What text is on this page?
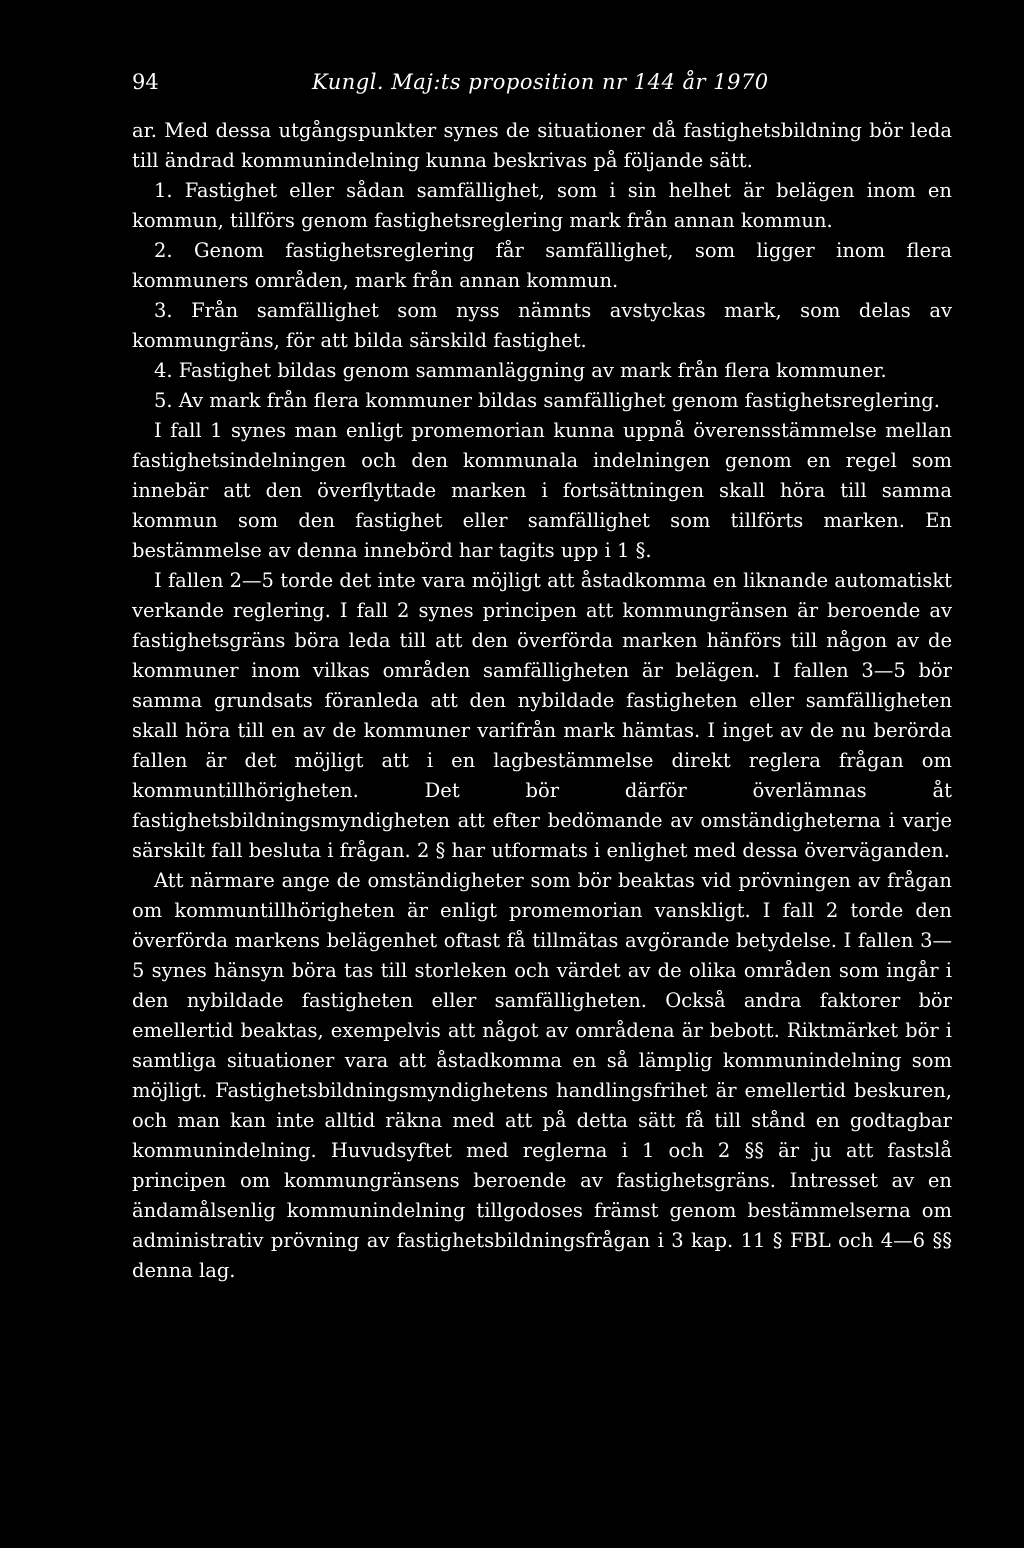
94	Kungl. Maj:ts proposition nr 144 år 1970

ar. Med dessa utgångspunkter synes de situationer då fastighetsbildning bör leda till ändrad kommunindelning kunna beskrivas på följande sätt.

1. Fastighet eller sådan samfällighet, som i sin helhet är belägen inom en kommun, tillförs genom fastighetsreglering mark från annan kommun.

2. Genom fastighetsreglering får samfällighet, som ligger inom flera kommuners områden, mark från annan kommun.

3. Från samfällighet som nyss nämnts avstyckas mark, som delas av kommungräns, för att bilda särskild fastighet.

4. Fastighet bildas genom sammanläggning av mark från flera kommuner.

5. Av mark från flera kommuner bildas samfällighet genom fastighetsreglering.

I fall 1 synes man enligt promemorian kunna uppnå överensstämmelse mellan fastighetsindelningen och den kommunala indelningen genom en regel som innebär att den överflyttade marken i fortsättningen skall höra till samma kommun som den fastighet eller samfällighet som tillförts marken. En bestämmelse av denna innebörd har tagits upp i 1 §.

I fallen 2—5 torde det inte vara möjligt att åstadkomma en liknande automatiskt verkande reglering. I fall 2 synes principen att kommungränsen är beroende av fastighetsgräns böra leda till att den överförda marken hänförs till någon av de kommuner inom vilkas områden samfälligheten är belägen. I fallen 3—5 bör samma grundsats föranleda att den nybildade fastigheten eller samfälligheten skall höra till en av de kommuner varifrån mark hämtas. I inget av de nu berörda fallen är det möjligt att i en lagbestämmelse direkt reglera frågan om kommuntillhörigheten. Det bör därför överlämnas åt fastighetsbildningsmyndigheten att efter bedömande av omständigheterna i varje särskilt fall besluta i frågan. 2 § har utformats i enlighet med dessa överväganden.

Att närmare ange de omständigheter som bör beaktas vid prövningen av frågan om kommuntillhörigheten är enligt promemorian vanskligt. I fall 2 torde den överförda markens belägenhet oftast få tillmätas avgörande betydelse. I fallen 3—5 synes hänsyn böra tas till storleken och värdet av de olika områden som ingår i den nybildade fastigheten eller samfälligheten. Också andra faktorer bör emellertid beaktas, exempelvis att något av områdena är bebott. Riktmärket bör i samtliga situationer vara att åstadkomma en så lämplig kommunindelning som möjligt. Fastighetsbildningsmyndighetens handlingsfrihet är emellertid beskuren, och man kan inte alltid räkna med att på detta sätt få till stånd en godtagbar kommunindelning. Huvudsyftet med reglerna i 1 och 2 §§ är ju att fastslå principen om kommungränsens beroende av fastighetsgräns. Intresset av en ändamålsenlig kommunindelning tillgodoses främst genom bestämmelserna om administrativ prövning av fastighetsbildningsfrågan i 3 kap. 11 § FBL och 4—6 §§ denna lag.
